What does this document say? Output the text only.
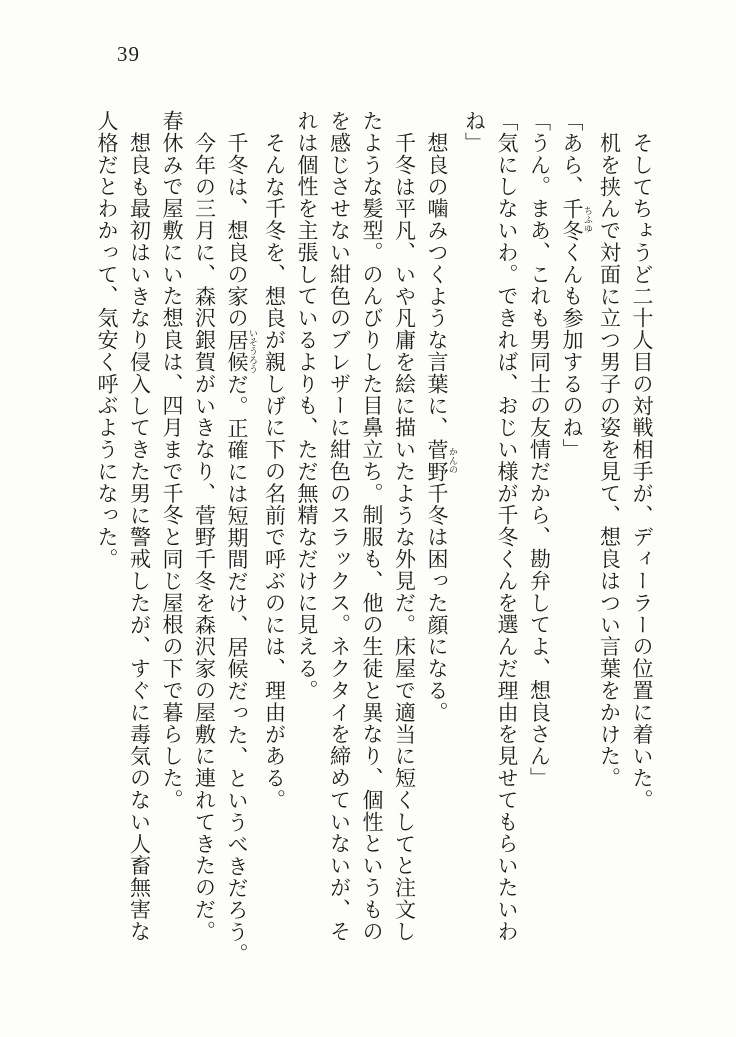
39

そしてちょうど二十人目の対戦相手が、ディーラーの位置に着いた。

机を挟んで対面に立つ男子の姿を見て、想良はつい言葉をかけた。

「あら、千冬 ちふゆくんも参加するのね」

「うん。まあ、これも男同士の友情だから、勘弁してよ、想良さん」

「気にしないわ。できれば、おじい様が千冬くんを選んだ理由を見せてもらいたいわ

ね」

想良の噛みつくような言葉に、菅野 かんの千冬は困った顔になる。

千冬は平凡、いや凡庸を絵に描いたような外見だ。床屋で適当に短くしてと注文し

たような髪型。のんびりした目鼻立ち。制服も、他の生徒と異なり、個性というもの

を感じさせない紺色のブレザーに紺色のスラックス。ネクタイを締めていないが、そ

れは個性を主張しているよりも、ただ無精なだけに見える。

そんな千冬を、想良が親しげに下の名前で呼ぶのには、理由がある。

千冬は、想良の家の居候 いそうろうだ。正確には短期間だけ、居候だった、というべきだろう。

今年の三月に、森沢銀賀がいきなり、菅野千冬を森沢家の屋敷に連れてきたのだ。

春休みで屋敷にいた想良は、四月まで千冬と同じ屋根の下で暮らした。

想良も最初はいきなり侵入してきた男に警戒したが、すぐに毒気のない人畜無害な

人格だとわかって、気安く呼ぶようになった。
